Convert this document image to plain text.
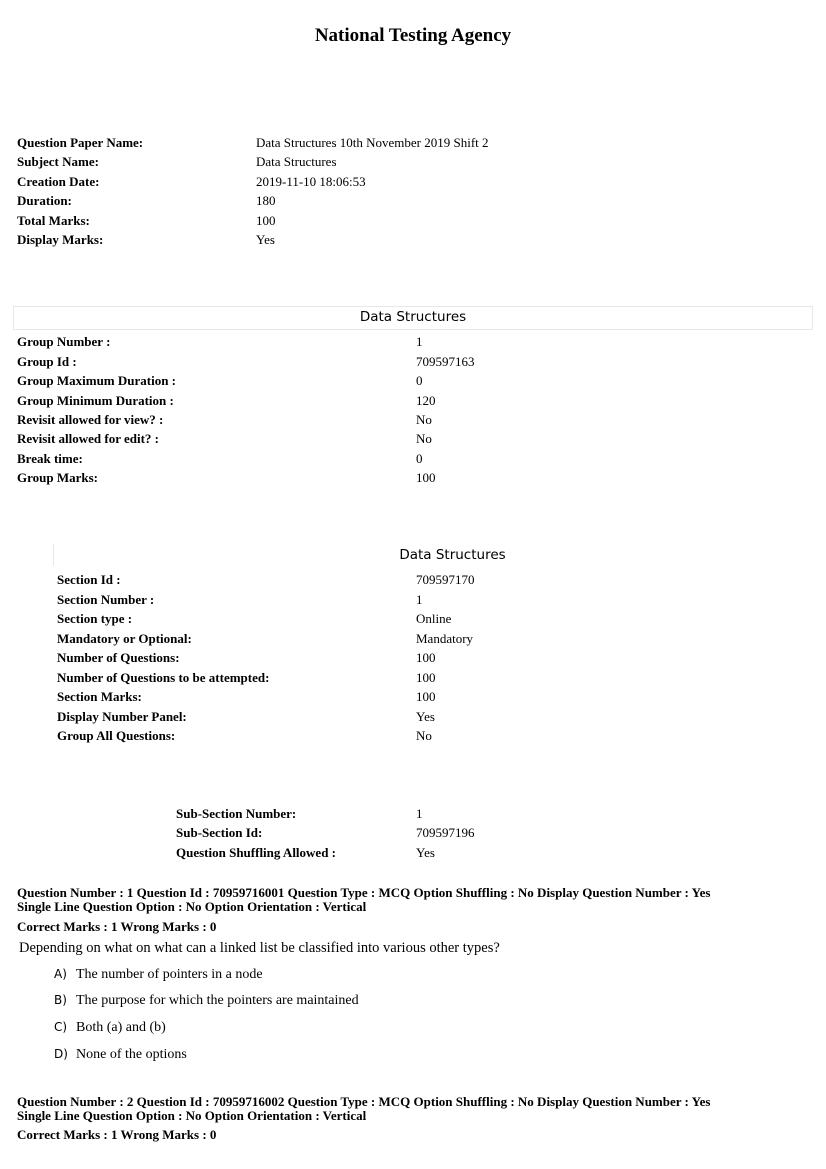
National Testing Agency
Question Paper Name:	Data Structures 10th November 2019 Shift 2
Subject Name:	Data Structures
Creation Date:	2019-11-10 18:06:53
Duration:	180
Total Marks:	100
Display Marks:	Yes
Data Structures
Group Number :	1
Group Id :	709597163
Group Maximum Duration :	0
Group Minimum Duration :	120
Revisit allowed for view? :	No
Revisit allowed for edit? :	No
Break time:	0
Group Marks:	100
Data Structures
Section Id :	709597170
Section Number :	1
Section type :	Online
Mandatory or Optional:	Mandatory
Number of Questions:	100
Number of Questions to be attempted:	100
Section Marks:	100
Display Number Panel:	Yes
Group All Questions:	No
Sub-Section Number:	1
Sub-Section Id:	709597196
Question Shuffling Allowed :	Yes
Question Number : 1 Question Id : 70959716001 Question Type : MCQ Option Shuffling : No Display Question Number : Yes
Single Line Question Option : No Option Orientation : Vertical
Correct Marks : 1 Wrong Marks : 0
Depending on what on what can a linked list be classified into various other types?
A) The number of pointers in a node
B) The purpose for which the pointers are maintained
C) Both (a) and (b)
D) None of the options
Question Number : 2 Question Id : 70959716002 Question Type : MCQ Option Shuffling : No Display Question Number : Yes
Single Line Question Option : No Option Orientation : Vertical
Correct Marks : 1 Wrong Marks : 0
